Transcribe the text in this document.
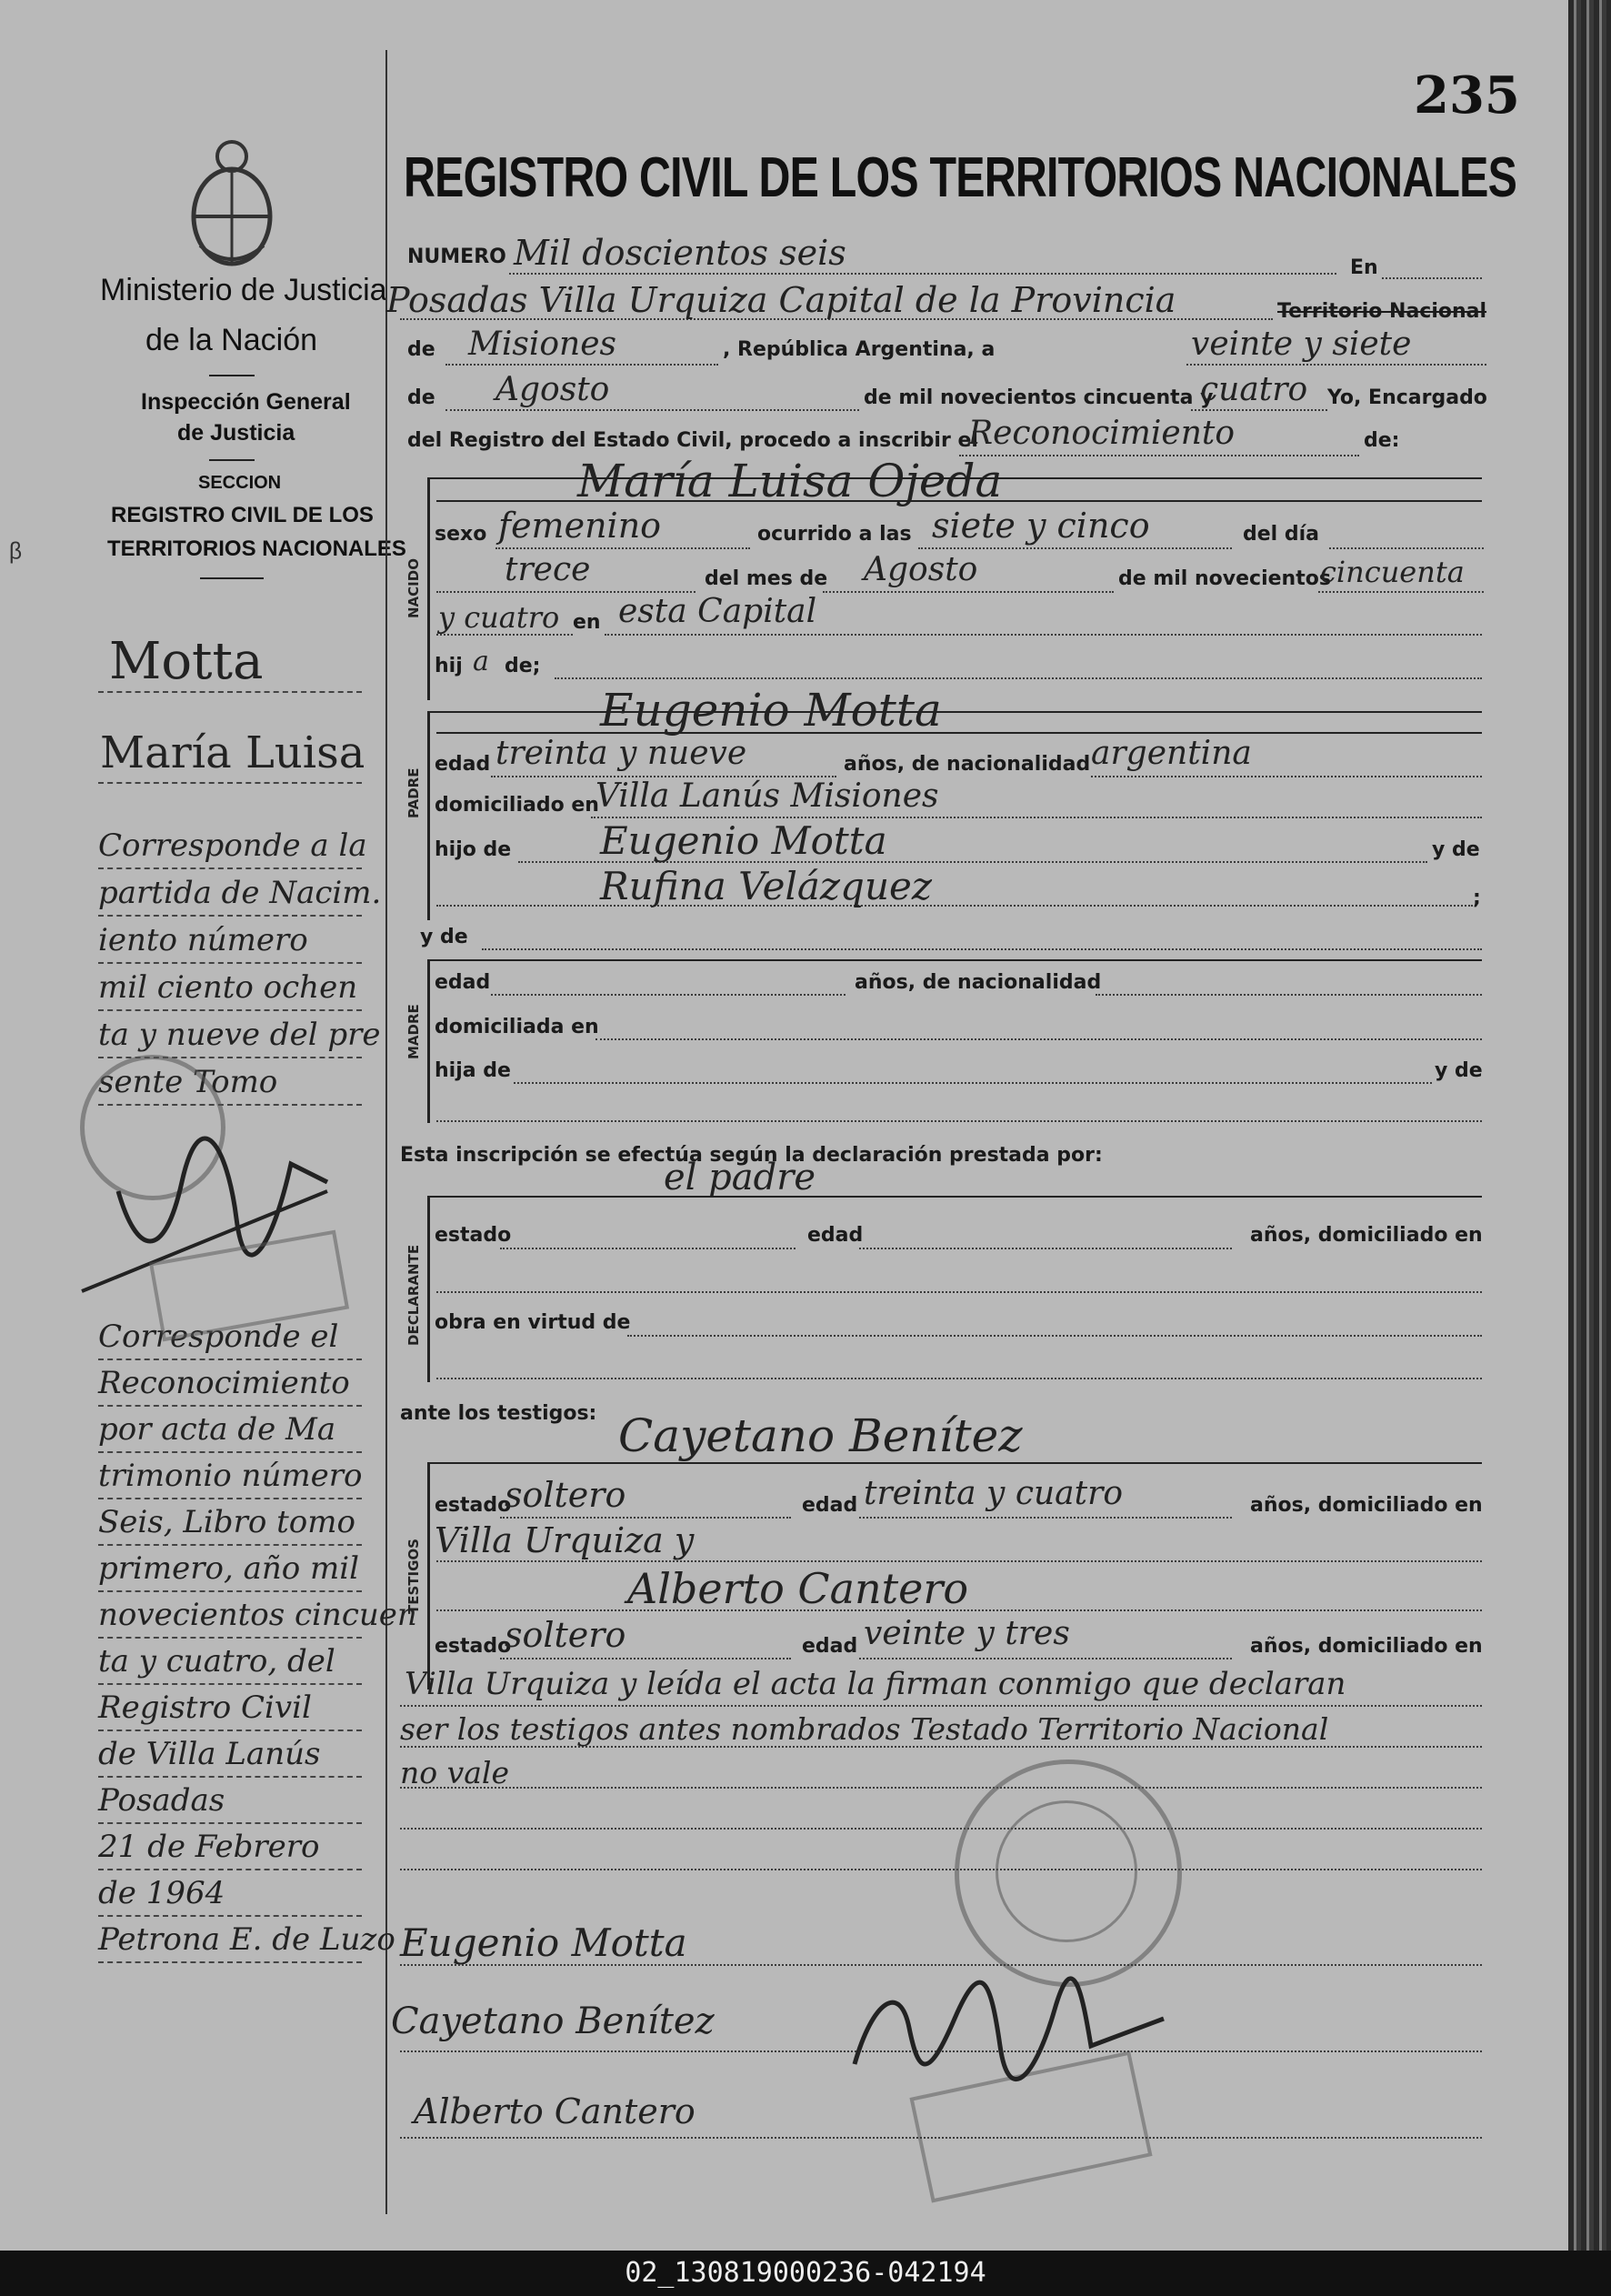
235
Ministerio de Justicia
de la Nación
Inspección General
de Justicia
SECCION
REGISTRO CIVIL DE LOS
TERRITORIOS NACIONALES
REGISTRO CIVIL DE LOS TERRITORIOS NACIONALES
NUMERO Mil doscientos seis	En
Posadas Villa Urquiza Capital de la Provincia	Territorio Nacional
de Misiones	, República Argentina, a	veinte y siete
de Agosto	de mil novecientos cincuenta y
cuatro Yo, Encargado
del Registro del Estado Civil, procedo a inscribir el
Reconocimiento	de:
NACIDO
María Luisa Ojeda
sexo femenino	ocurrido a las siete y cinco	del día
trece	del mes de Agosto	de mil novecientos
cincuenta
y cuatro en esta Capital
hij a de;
PADRE
Eugenio Motta
edad treinta y nueve	años, de nacionalidad argentina
domiciliado en
Villa Lanús Misiones
hijo de Eugenio Motta	y de
Rufina Velázquez	;
y de
MADRE
edad	años, de nacionalidad
domiciliada en
hija de	y de
Esta inscripción se efectúa según la declaración prestada por:
el padre
DECLARANTE
estado	edad	años, domiciliado en
obra en virtud de
ante los testigos: Cayetano Benítez
TESTIGOS
estado
soltero	edad treinta y cuatro	años, domiciliado en
Villa Urquiza y
Alberto Cantero
estado
soltero	edad veinte y tres	años, domiciliado en
Villa Urquiza y leída el acta la firman conmigo que declaran
ser los testigos antes nombrados Testado Territorio Nacional
no vale
Eugenio Motta
Cayetano Benítez
Alberto Cantero
Motta
María Luisa
Corresponde a la
partida de Nacim.
iento número
mil ciento ochen
ta y nueve del pre
sente Tomo
Corresponde el
Reconocimiento
por acta de Ma
trimonio número
Seis, Libro tomo
primero, año mil
novecientos cincuen
ta y cuatro, del
Registro Civil
de Villa Lanús
Posadas
21 de Febrero
de 1964
Petrona E. de Luzo
ᵝ
02_130819000236-042194
